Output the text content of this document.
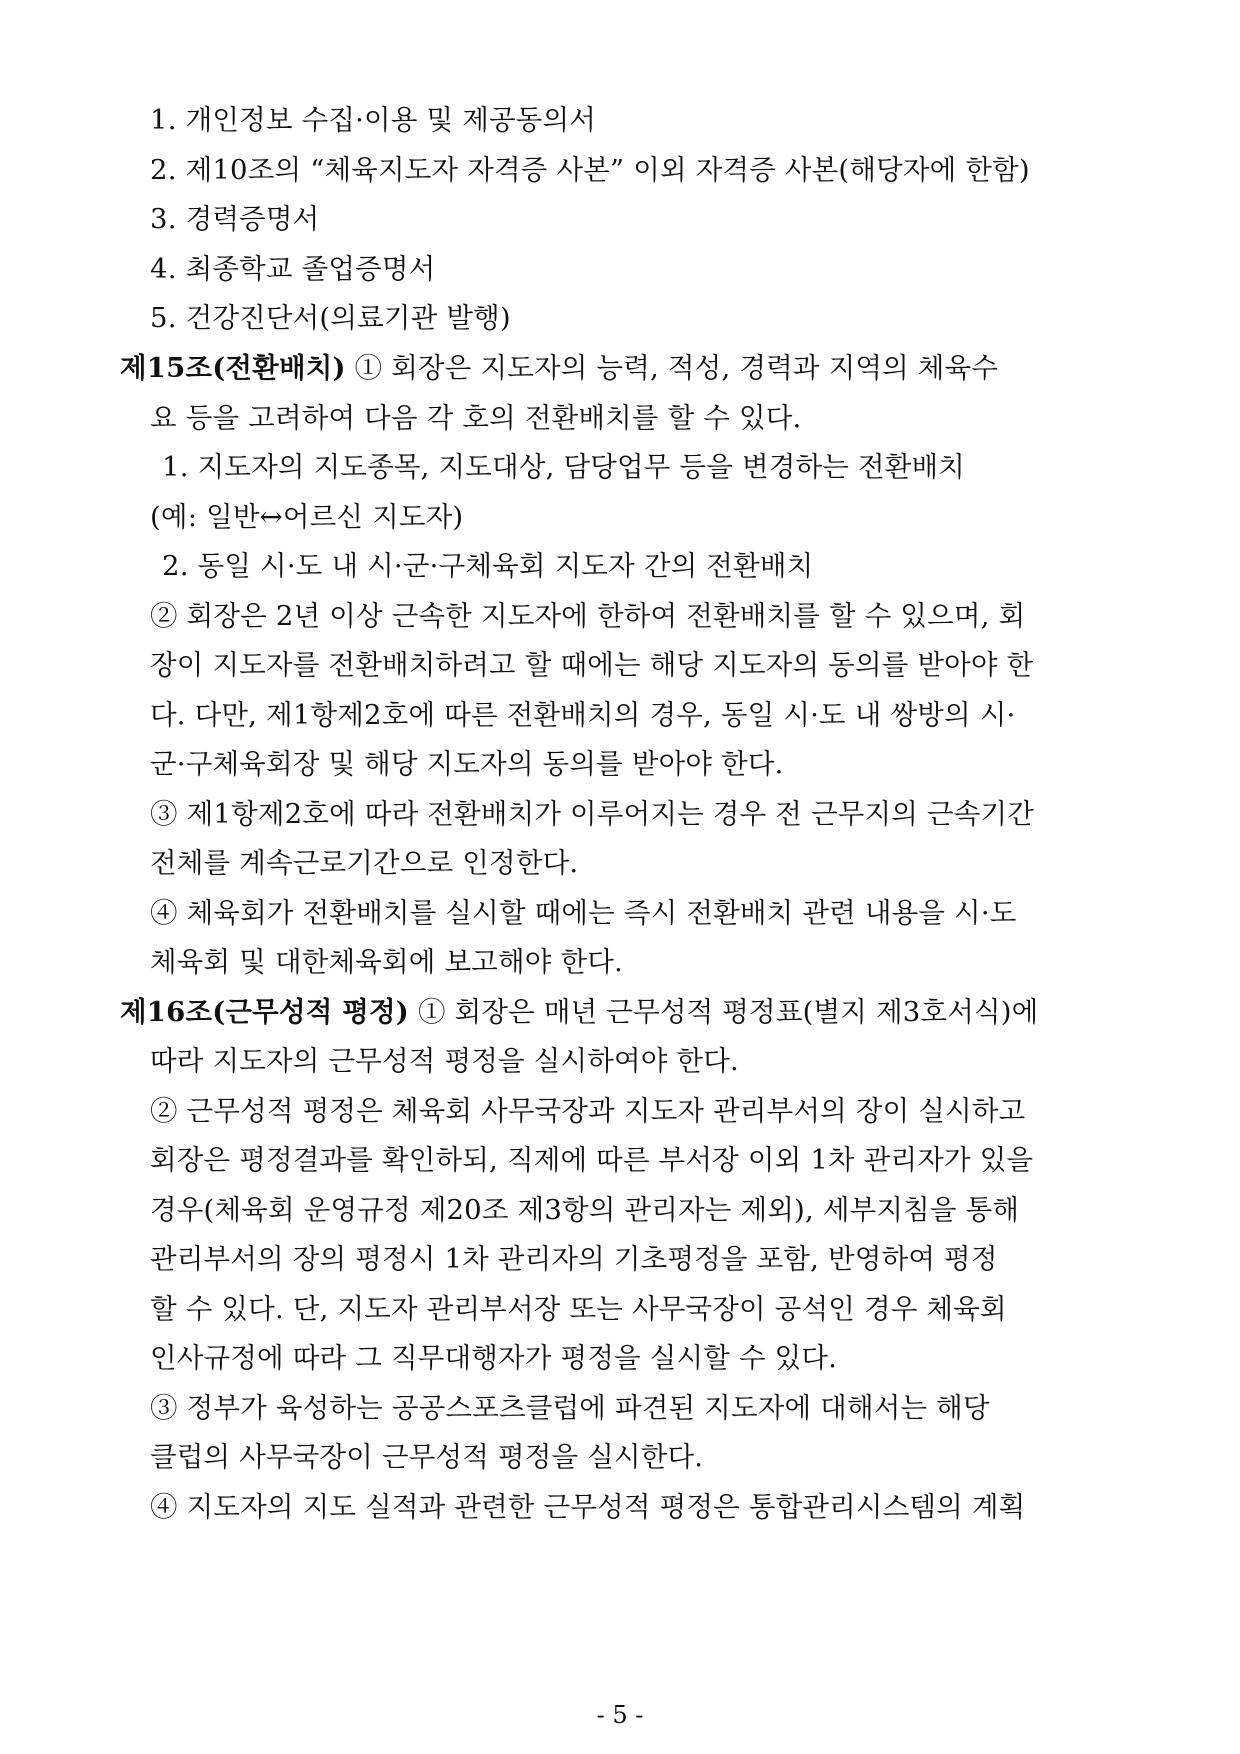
1. 개인정보 수집·이용 및 제공동의서
2. 제10조의 “체육지도자 자격증 사본” 이외 자격증 사본(해당자에 한함)
3. 경력증명서
4. 최종학교 졸업증명서
5. 건강진단서(의료기관 발행)
제15조(전환배치) ① 회장은 지도자의 능력, 적성, 경력과 지역의 체육수
요 등을 고려하여 다음 각 호의 전환배치를 할 수 있다.
1. 지도자의 지도종목, 지도대상, 담당업무 등을 변경하는 전환배치
(예: 일반↔어르신 지도자)
2. 동일 시·도 내 시·군·구체육회 지도자 간의 전환배치
② 회장은 2년 이상 근속한 지도자에 한하여 전환배치를 할 수 있으며, 회
장이 지도자를 전환배치하려고 할 때에는 해당 지도자의 동의를 받아야 한
다. 다만, 제1항제2호에 따른 전환배치의 경우, 동일 시·도 내 쌍방의 시·
군·구체육회장 및 해당 지도자의 동의를 받아야 한다.
③ 제1항제2호에 따라 전환배치가 이루어지는 경우 전 근무지의 근속기간
전체를 계속근로기간으로 인정한다.
④ 체육회가 전환배치를 실시할 때에는 즉시 전환배치 관련 내용을 시·도
체육회 및 대한체육회에 보고해야 한다.
제16조(근무성적 평정) ① 회장은 매년 근무성적 평정표(별지 제3호서식)에
따라 지도자의 근무성적 평정을 실시하여야 한다.
② 근무성적 평정은 체육회 사무국장과 지도자 관리부서의 장이 실시하고
회장은 평정결과를 확인하되, 직제에 따른 부서장 이외 1차 관리자가 있을
경우(체육회 운영규정 제20조 제3항의 관리자는 제외), 세부지침을 통해
관리부서의 장의 평정시 1차 관리자의 기초평정을 포함, 반영하여 평정
할 수 있다. 단, 지도자 관리부서장 또는 사무국장이 공석인 경우 체육회
인사규정에 따라 그 직무대행자가 평정을 실시할 수 있다.
③ 정부가 육성하는 공공스포츠클럽에 파견된 지도자에 대해서는 해당
클럽의 사무국장이 근무성적 평정을 실시한다.
④ 지도자의 지도 실적과 관련한 근무성적 평정은 통합관리시스템의 계획
- 5 -
